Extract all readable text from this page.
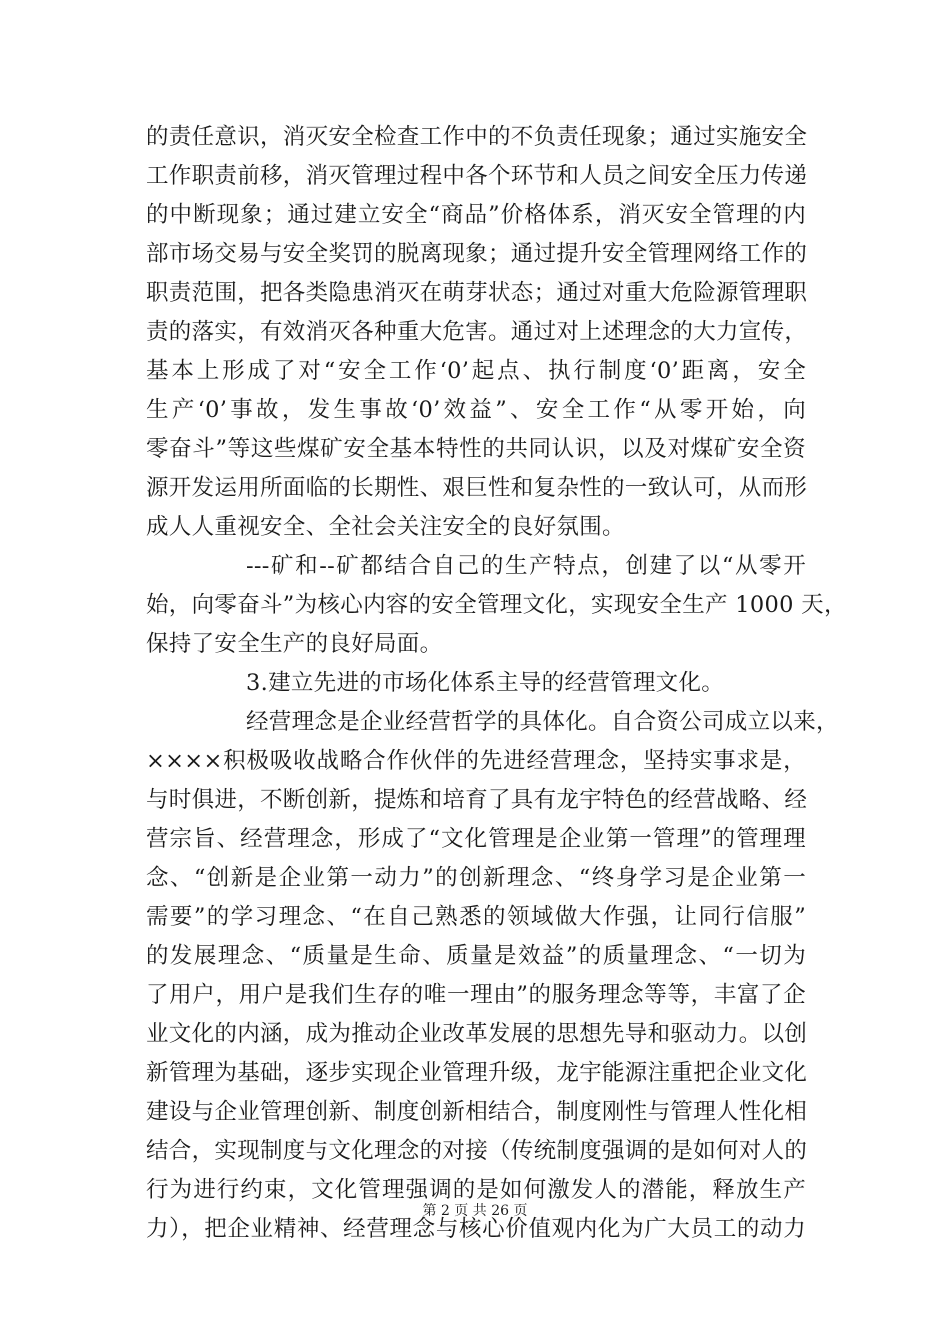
的责任意识，消灭安全检查工作中的不负责任现象；通过实施安全
工作职责前移，消灭管理过程中各个环节和人员之间安全压力传递
的中断现象；通过建立安全“商品”价格体系，消灭安全管理的内
部市场交易与安全奖罚的脱离现象；通过提升安全管理网络工作的
职责范围，把各类隐患消灭在萌芽状态；通过对重大危险源管理职
责的落实，有效消灭各种重大危害。通过对上述理念的大力宣传，
基本上形成了对“安全工作‘0’起点、执行制度‘0’距离，安全
生产‘0’事故，发生事故‘0’效益”、安全工作“从零开始，向
零奋斗”等这些煤矿安全基本特性的共同认识，以及对煤矿安全资
源开发运用所面临的长期性、艰巨性和复杂性的一致认可，从而形
成人人重视安全、全社会关注安全的良好氛围。
---矿和--矿都结合自己的生产特点，创建了以“从零开
始，向零奋斗”为核心内容的安全管理文化，实现安全生产 1000 天，
保持了安全生产的良好局面。
3.建立先进的市场化体系主导的经营管理文化。
经营理念是企业经营哲学的具体化。自合资公司成立以来，
××××积极吸收战略合作伙伴的先进经营理念，坚持实事求是，
与时俱进，不断创新，提炼和培育了具有龙宇特色的经营战略、经
营宗旨、经营理念，形成了“文化管理是企业第一管理”的管理理
念、“创新是企业第一动力”的创新理念、“终身学习是企业第一
需要”的学习理念、“在自己熟悉的领域做大作强，让同行信服”
的发展理念、“质量是生命、质量是效益”的质量理念、“一切为
了用户，用户是我们生存的唯一理由”的服务理念等等，丰富了企
业文化的内涵，成为推动企业改革发展的思想先导和驱动力。以创
新管理为基础，逐步实现企业管理升级，龙宇能源注重把企业文化
建设与企业管理创新、制度创新相结合，制度刚性与管理人性化相
结合，实现制度与文化理念的对接（传统制度强调的是如何对人的
行为进行约束，文化管理强调的是如何激发人的潜能，释放生产
力），把企业精神、经营理念与核心价值观内化为广大员工的动力
第 2 页 共 26 页
